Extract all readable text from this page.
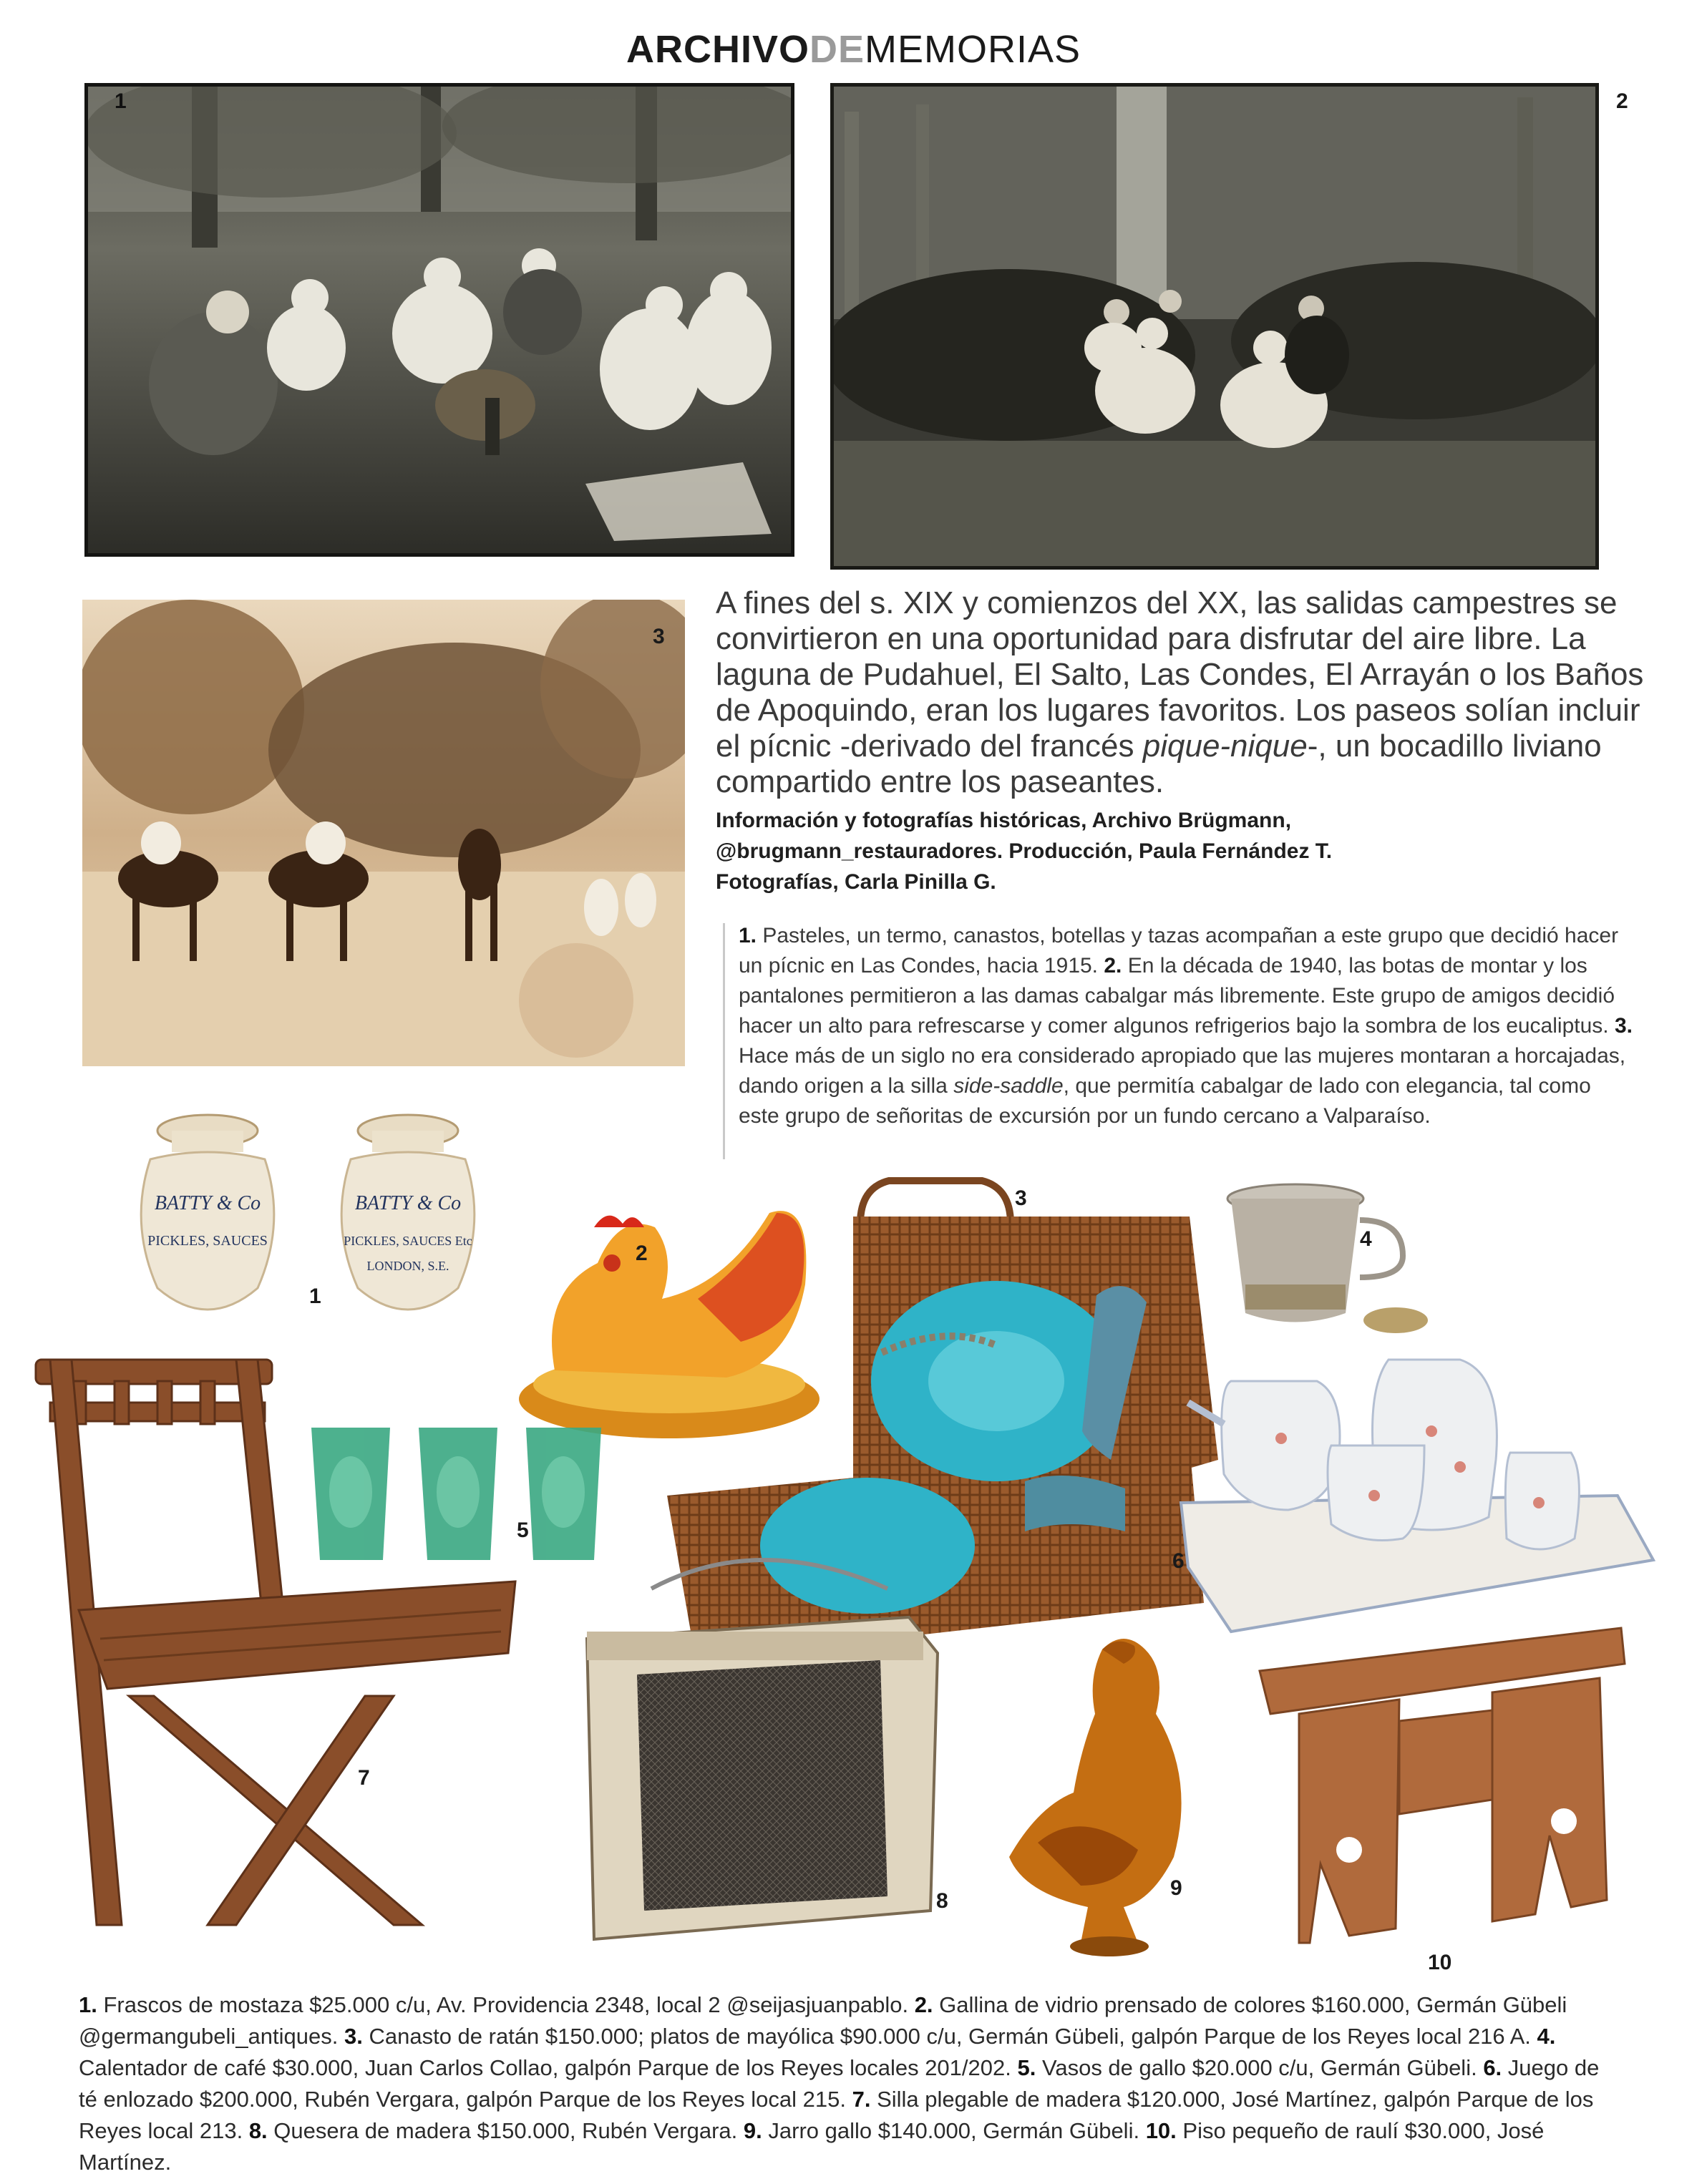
ARCHIVODEMEMORIAS
1	2
3
A fines del s. XIX y comienzos del XX, las salidas campestres se convirtieron en una oportunidad para disfrutar del aire libre. La laguna de Pudahuel, El Salto, Las Condes, El Arrayán o los Baños de Apoquindo, eran los lugares favoritos. Los paseos solían incluir el pícnic -derivado del francés pique-nique-, un bocadillo liviano compartido entre los paseantes.
Información y fotografías históricas, Archivo Brügmann,
@brugmann_restauradores. Producción, Paula Fernández T.
Fotografías, Carla Pinilla G.
1. Pasteles, un termo, canastos, botellas y tazas acompañan a este grupo que decidió hacer un pícnic en Las Condes, hacia 1915. 2. En la década de 1940, las botas de montar y los pantalones permitieron a las damas cabalgar más libremente. Este grupo de amigos decidió hacer un alto para refrescarse y comer algunos refrigerios bajo la sombra de los eucaliptus. 3. Hace más de un siglo no era considerado apropiado que las mujeres montaran a horcajadas, dando origen a la silla side-saddle, que permitía cabalgar de lado con elegancia, tal como este grupo de señoritas de excursión por un fundo cercano a Valparaíso.
BATTY & Co
PICKLES, SAUCES
BATTY & Co
PICKLES, SAUCES Etc
LONDON, S.E.
1
2
3
4
5
6
7
8
9
10
1. Frascos de mostaza $25.000 c/u, Av. Providencia 2348, local 2 @seijasjuanpablo. 2. Gallina de vidrio prensado de colores $160.000, Germán Gübeli @germangubeli_antiques. 3. Canasto de ratán $150.000; platos de mayólica $90.000 c/u, Germán Gübeli, galpón Parque de los Reyes local 216 A. 4. Calentador de café $30.000, Juan Carlos Collao, galpón Parque de los Reyes locales 201/202. 5. Vasos de gallo $20.000 c/u, Germán Gübeli. 6. Juego de té enlozado $200.000, Rubén Vergara, galpón Parque de los Reyes local 215. 7. Silla plegable de madera $120.000, José Martínez, galpón Parque de los Reyes local 213. 8. Quesera de madera $150.000, Rubén Vergara. 9. Jarro gallo $140.000, Germán Gübeli. 10. Piso pequeño de raulí $30.000, José Martínez.
